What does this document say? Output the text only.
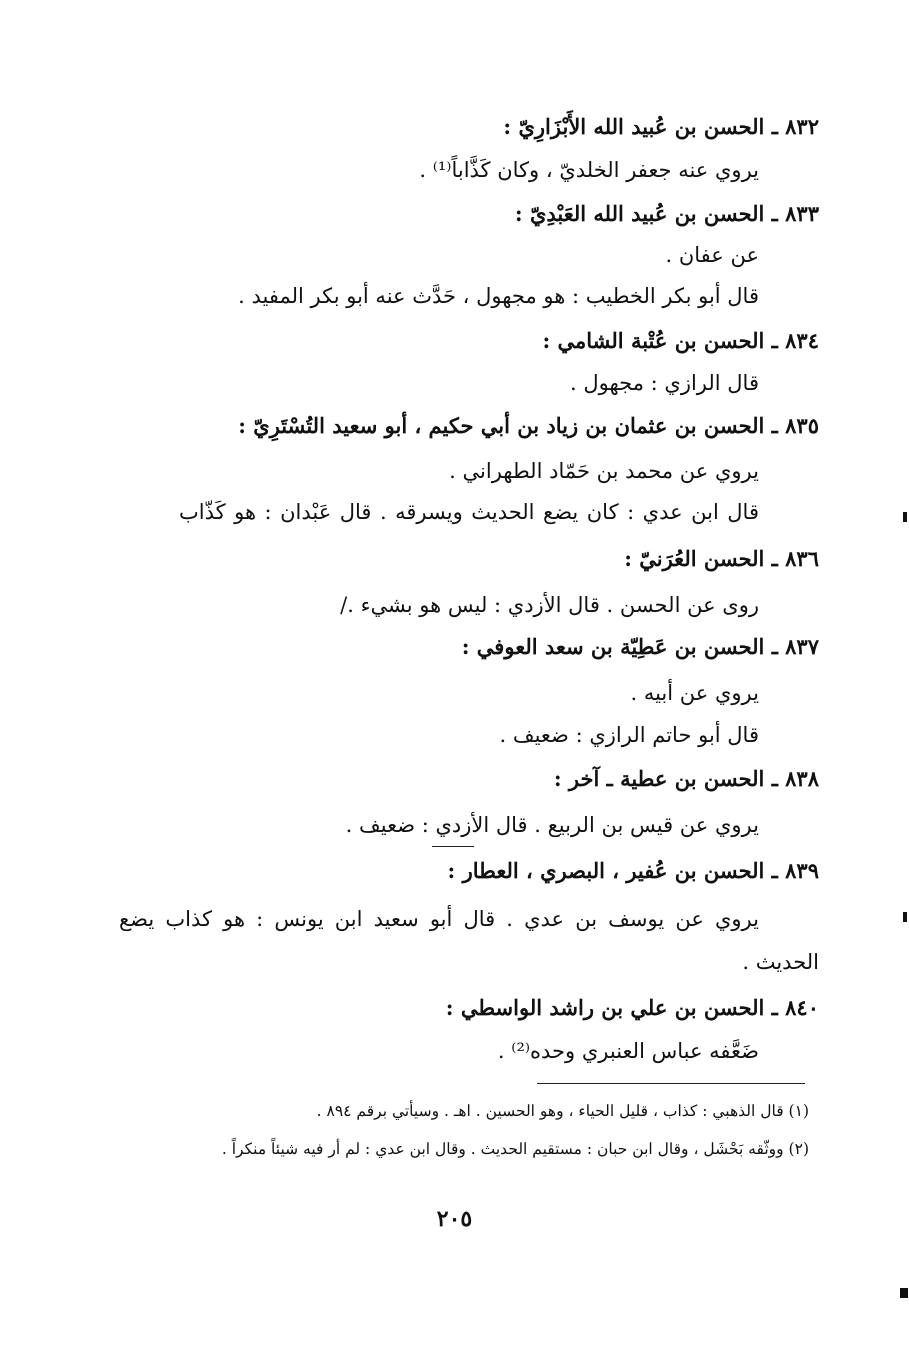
٨٣٢ ـ الحسن بن عُبيد الله الأَبْزَارِيّ :
يروي عنه جعفر الخلديّ ، وكان كَذَّاباً⁽¹⁾ .
٨٣٣ ـ الحسن بن عُبيد الله العَبْدِيّ :
عن عفان .
قال أبو بكر الخطيب : هو مجهول ، حَدَّث عنه أبو بكر المفيد .
٨٣٤ ـ الحسن بن عُتْبة الشامي :
قال الرازي : مجهول .
٨٣٥ ـ الحسن بن عثمان بن زياد بن أبي حكيم ، أبو سعيد التُسْتَرِيّ :
يروي عن محمد بن حَمّاد الطهراني .
قال ابن عدي : كان يضع الحديث ويسرقه . قال عَبْدان : هو كَذّاب
٨٣٦ ـ الحسن العُرَنيّ :
روى عن الحسن . قال الأزدي : ليس هو بشيء ./
٨٣٧ ـ الحسن بن عَطِيّة بن سعد العوفي :
يروي عن أبيه .
قال أبو حاتم الرازي : ضعيف .
٨٣٨ ـ الحسن بن عطية ـ آخر :
يروي عن قيس بن الربيع . قال الأزدي : ضعيف .
٨٣٩ ـ الحسن بن عُفير ، البصري ، العطار :
يروي عن يوسف بن عدي . قال أبو سعيد ابن يونس : هو كذاب يضع
الحديث .
٨٤٠ ـ الحسن بن علي بن راشد الواسطي :
ضَعَّفه عباس العنبري وحده⁽²⁾ .
(١) قال الذهبي : كذاب ، قليل الحياء ، وهو الحسين . اهـ . وسيأتي برقم ٨٩٤ .
(٢) ووثّقه بَحْشَل ، وقال ابن حبان : مستقيم الحديث . وقال ابن عدي : لم أر فيه شيئاً منكراً .
٢٠٥
